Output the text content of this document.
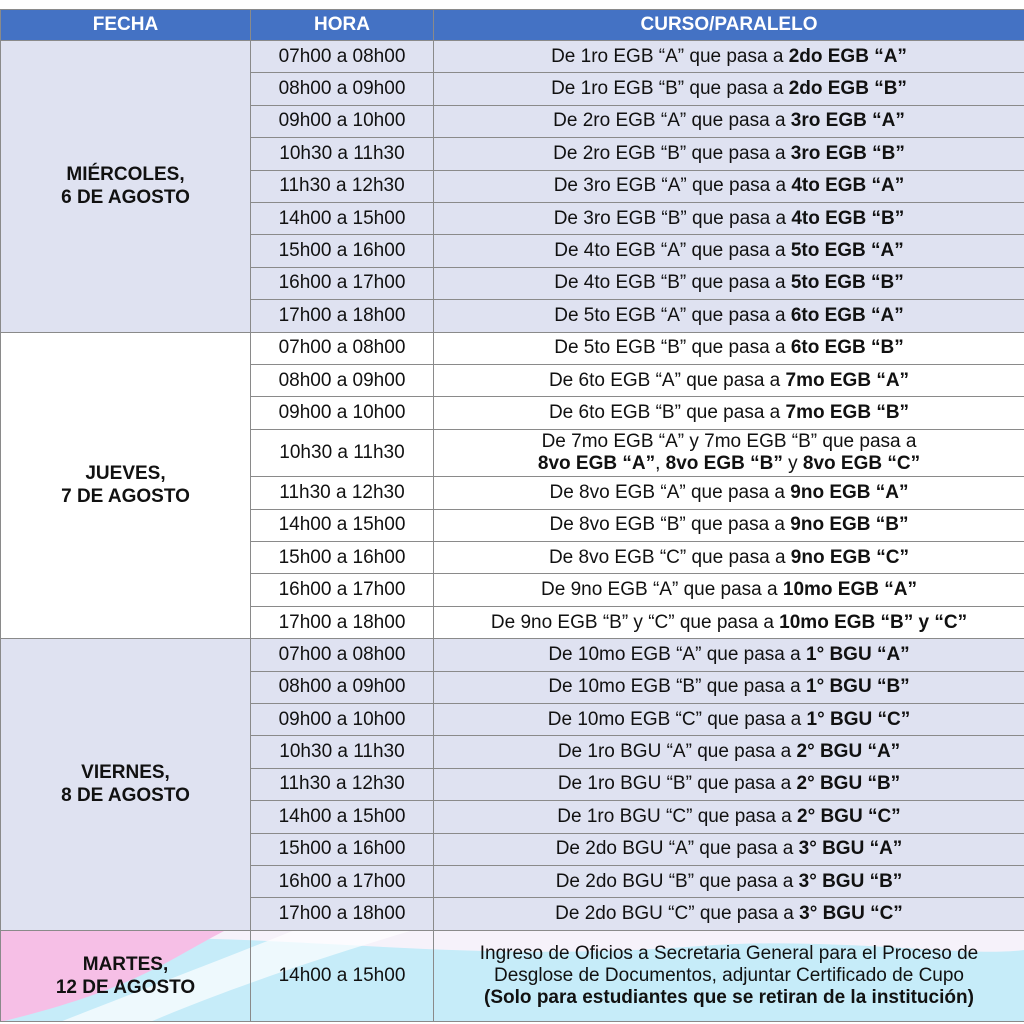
FECHA	HORA	CURSO/PARALELO
MIÉRCOLES,
6 DE AGOSTO	07h00 a 08h00	De 1ro EGB “A” que pasa a 2do EGB “A”
	08h00 a 09h00	De 1ro EGB “B” que pasa a 2do EGB “B”
	09h00 a 10h00	De 2ro EGB “A” que pasa a 3ro EGB “A”
	10h30 a 11h30	De 2ro EGB “B” que pasa a 3ro EGB “B”
	11h30 a 12h30	De 3ro EGB “A” que pasa a 4to EGB “A”
	14h00 a 15h00	De 3ro EGB “B” que pasa a 4to EGB “B”
	15h00 a 16h00	De 4to EGB “A” que pasa a 5to EGB “A”
	16h00 a 17h00	De 4to EGB “B” que pasa a 5to EGB “B”
	17h00 a 18h00	De 5to EGB “A” que pasa a 6to EGB “A”
JUEVES,
7 DE AGOSTO	07h00 a 08h00	De 5to EGB “B” que pasa a 6to EGB “B”
	08h00 a 09h00	De 6to EGB “A” que pasa a 7mo EGB “A”
	09h00 a 10h00	De 6to EGB “B” que pasa a 7mo EGB “B”
	10h30 a 11h30	De 7mo EGB “A” y 7mo EGB “B” que pasa a
8vo EGB “A”, 8vo EGB “B” y 8vo EGB “C”
	11h30 a 12h30	De 8vo EGB “A” que pasa a 9no EGB “A”
	14h00 a 15h00	De 8vo EGB “B” que pasa a 9no EGB “B”
	15h00 a 16h00	De 8vo EGB “C” que pasa a 9no EGB “C”
	16h00 a 17h00	De 9no EGB “A” que pasa a 10mo EGB “A”
	17h00 a 18h00	De 9no EGB “B” y “C” que pasa a 10mo EGB “B” y “C”
VIERNES,
8 DE AGOSTO	07h00 a 08h00	De 10mo EGB “A” que pasa a 1° BGU “A”
	08h00 a 09h00	De 10mo EGB “B” que pasa a 1° BGU “B”
	09h00 a 10h00	De 10mo EGB “C” que pasa a 1° BGU “C”
	10h30 a 11h30	De 1ro BGU “A” que pasa a 2° BGU “A”
	11h30 a 12h30	De 1ro BGU “B” que pasa a 2° BGU “B”
	14h00 a 15h00	De 1ro BGU “C” que pasa a 2° BGU “C”
	15h00 a 16h00	De 2do BGU “A” que pasa a 3° BGU “A”
	16h00 a 17h00	De 2do BGU “B” que pasa a 3° BGU “B”
	17h00 a 18h00	De 2do BGU “C” que pasa a 3° BGU “C”
MARTES,
12 DE AGOSTO	14h00 a 15h00	Ingreso de Oficios a Secretaria General para el Proceso de
Desglose de Documentos, adjuntar Certificado de Cupo
(Solo para estudiantes que se retiran de la institución)
